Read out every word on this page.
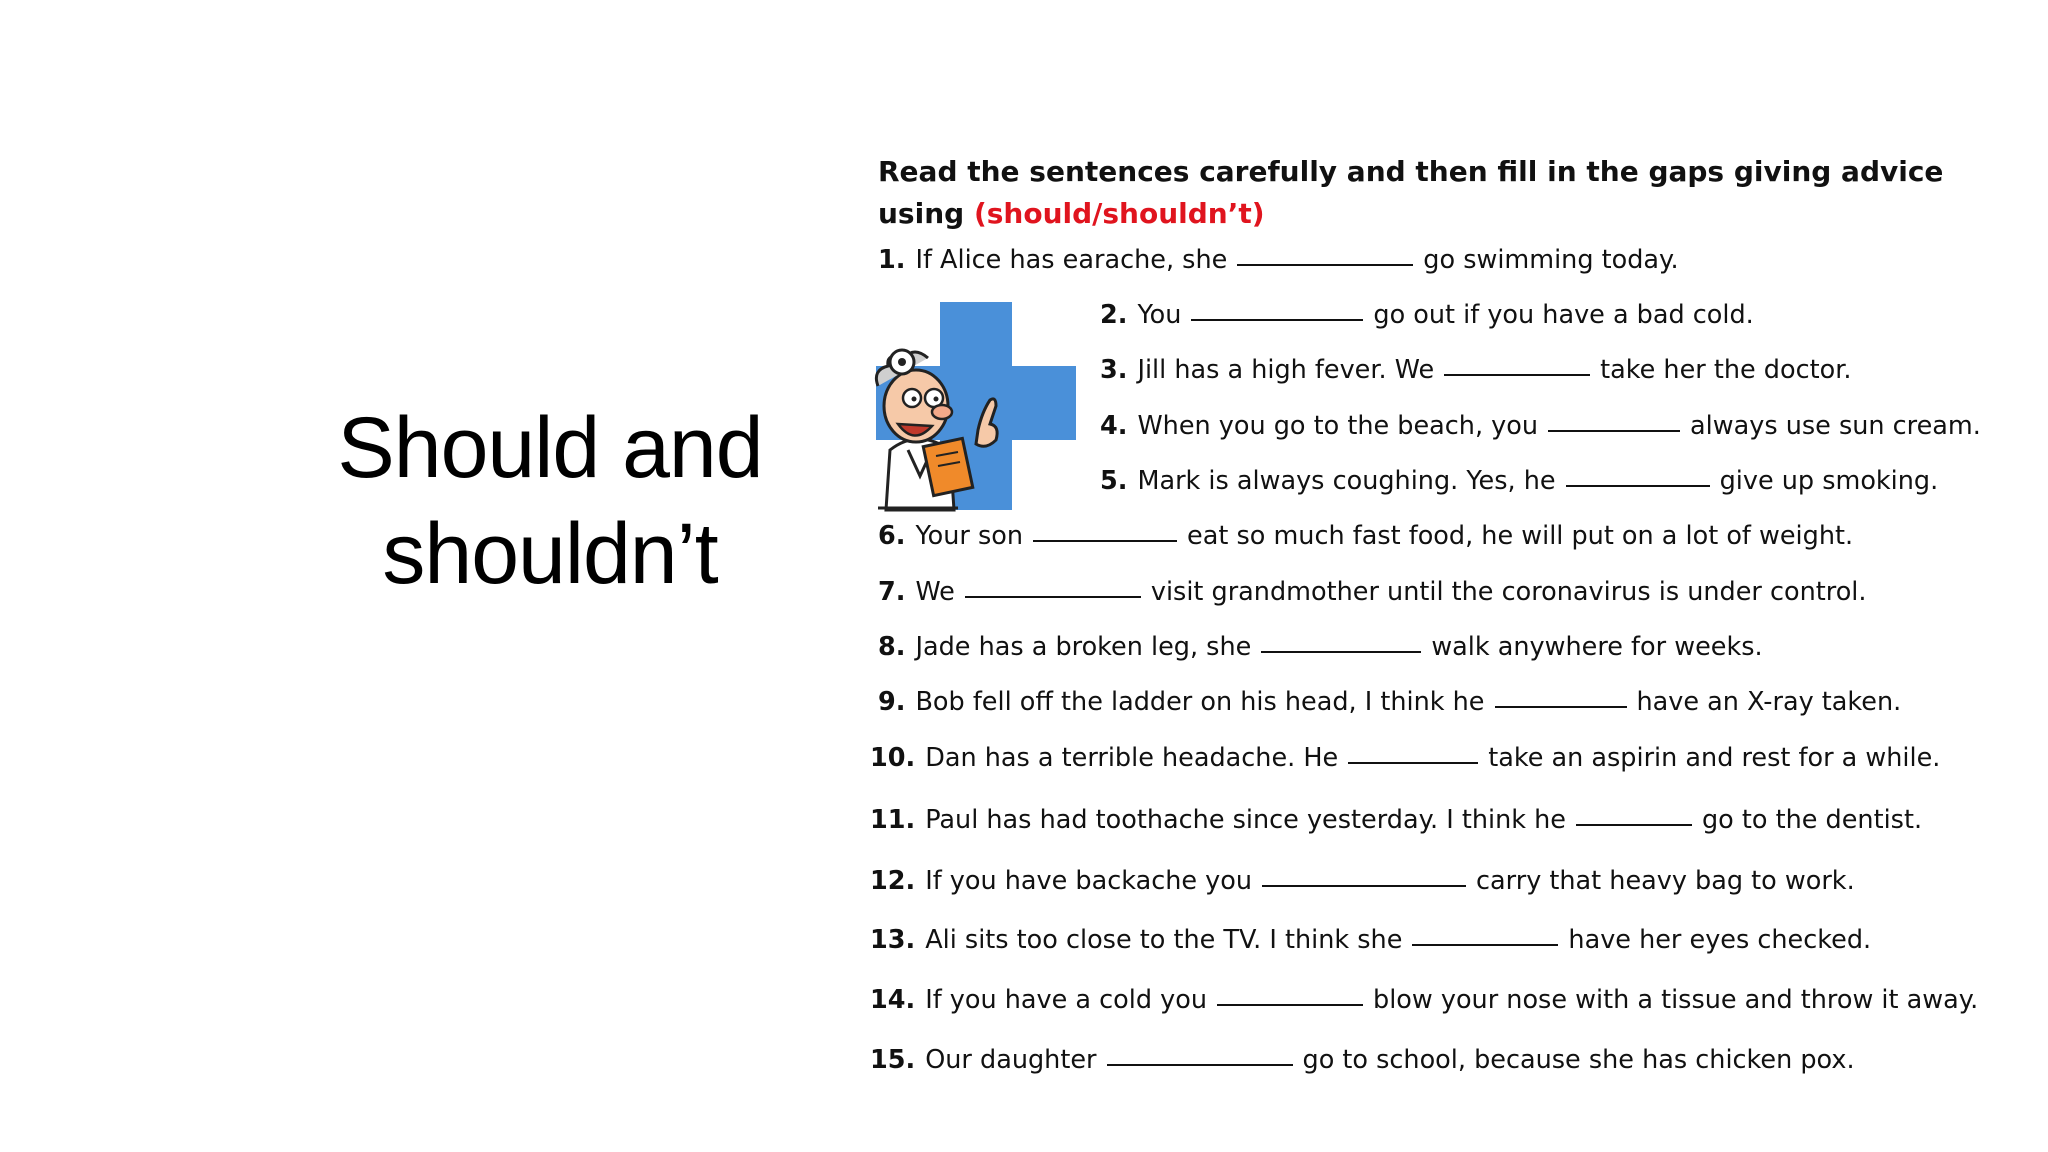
Should and
shouldn’t
Read the sentences carefully and then fill in the gaps giving advice
using (should/shouldn’t)
1. If Alice has earache, she	go swimming today.
2. You	go out if you have a bad cold.
3. Jill has a high fever. We	take her the doctor.
4. When you go to the beach, you	always use sun cream.
5. Mark is always coughing. Yes, he	give up smoking.
6. Your son	eat so much fast food, he will put on a lot of weight.
7. We	visit grandmother until the coronavirus is under control.
8. Jade has a broken leg, she	walk anywhere for weeks.
9. Bob fell off the ladder on his head, I think he	have an X-ray taken.
10. Dan has a terrible headache. He	take an aspirin and rest for a while.
11. Paul has had toothache since yesterday. I think he	go to the dentist.
12. If you have backache you	carry that heavy bag to work.
13. Ali sits too close to the TV. I think she	have her eyes checked.
14. If you have a cold you	blow your nose with a tissue and throw it away.
15. Our daughter	go to school, because she has chicken pox.
